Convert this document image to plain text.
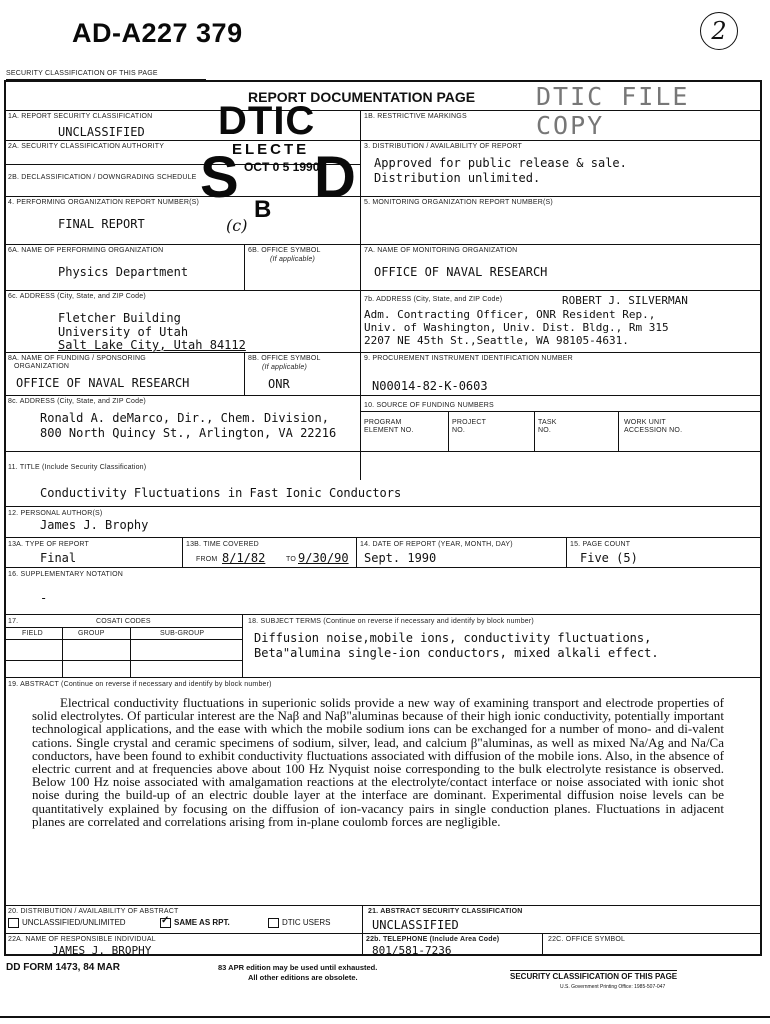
AD-A227 379	2
SECURITY CLASSIFICATION OF THIS PAGE
REPORT DOCUMENTATION PAGE DTIC FILE COPY
1A. REPORT SECURITY CLASSIFICATION
UNCLASSIFIED
1B. RESTRICTIVE MARKINGS
2A. SECURITY CLASSIFICATION AUTHORITY
2B. DECLASSIFICATION / DOWNGRADING SCHEDULE
3. DISTRIBUTION / AVAILABILITY OF REPORT
Approved for public release & sale.
Distribution unlimited.
4. PERFORMING ORGANIZATION REPORT NUMBER(S)
FINAL REPORT
5. MONITORING ORGANIZATION REPORT NUMBER(S)
6A. NAME OF PERFORMING ORGANIZATION
Physics Department
6B. OFFICE SYMBOL
(If applicable)
7A. NAME OF MONITORING ORGANIZATION
OFFICE OF NAVAL RESEARCH
6c. ADDRESS (City, State, and ZIP Code)
Fletcher Building
University of Utah
Salt Lake City, Utah 84112
7b. ADDRESS (City, State, and ZIP Code)	ROBERT J. SILVERMAN
Adm. Contracting Officer, ONR Resident Rep.,
Univ. of Washington, Univ. Dist. Bldg., Rm 315
2207 NE 45th St.,Seattle, WA 98105-4631.
8A. NAME OF FUNDING / SPONSORING
ORGANIZATION
OFFICE OF NAVAL RESEARCH
8B. OFFICE SYMBOL
(If applicable)
ONR
9. PROCUREMENT INSTRUMENT IDENTIFICATION NUMBER
N00014-82-K-0603
8c. ADDRESS (City, State, and ZIP Code)
Ronald A. deMarco, Dir., Chem. Division,
800 North Quincy St., Arlington, VA 22216
10. SOURCE OF FUNDING NUMBERS
PROGRAM
ELEMENT NO.
PROJECT
NO.
TASK
NO.
WORK UNIT
ACCESSION NO.
11. TITLE (Include Security Classification)
Conductivity Fluctuations in Fast Ionic Conductors
12. PERSONAL AUTHOR(S)
James J. Brophy
13A. TYPE OF REPORT
Final
13B. TIME COVERED
FROM 8/1/82	TO 9/30/90
14. DATE OF REPORT (YEAR, MONTH, DAY)
Sept. 1990
15. PAGE COUNT
Five (5)
16. SUPPLEMENTARY NOTATION
-
17.	COSATI CODES
FIELD	GROUP	SUB-GROUP
18. SUBJECT TERMS (Continue on reverse if necessary and identify by block number)
Diffusion noise,mobile ions, conductivity fluctuations,
Beta"alumina single-ion conductors, mixed alkali effect.
19. ABSTRACT (Continue on reverse if necessary and identify by block number)
Electrical conductivity fluctuations in superionic solids provide a new way of examining transport and electrode properties of solid electrolytes. Of particular interest are the Naβ and Naβ"aluminas because of their high ionic conductivity, potentially important technological applications, and the ease with which the mobile sodium ions can be exchanged for a number of mono- and di-valent cations. Single crystal and ceramic specimens of sodium, silver, lead, and calcium β"aluminas, as well as mixed Na/Ag and Na/Ca conductors, have been found to exhibit conductivity fluctuations associated with diffusion of the mobile ions. Also, in the absence of electric current and at frequencies above about 100 Hz Nyquist noise corresponding to the bulk electrolyte resistance is observed. Below 100 Hz noise associated with amalgamation reactions at the electrolyte/contact interface or noise associated with ionic shot noise during the build-up of an electric double layer at the interface are dominant. Experimental diffusion noise levels can be quantitatively explained by focusing on the diffusion of ion-vacancy pairs in single conduction planes. Fluctuations in adjacent planes are correlated and correlations arising from in-plane coulomb forces are negligible.
20. DISTRIBUTION / AVAILABILITY OF ABSTRACT
UNCLASSIFIED/UNLIMITED
✓	SAME AS RPT.	DTIC USERS
21. ABSTRACT SECURITY CLASSIFICATION
UNCLASSIFIED
22A. NAME OF RESPONSIBLE INDIVIDUAL
JAMES J. BROPHY
22b. TELEPHONE (Include Area Code)
801/581-7236
22C. OFFICE SYMBOL
DD FORM 1473, 84 MAR	83 APR edition may be used until exhausted.
All other editions are obsolete.	SECURITY CLASSIFICATION OF THIS PAGE
U.S. Government Printing Office: 1985-507-047
DTIC
ELECTE
OCT 0 5 1990
S D
B
(c)
